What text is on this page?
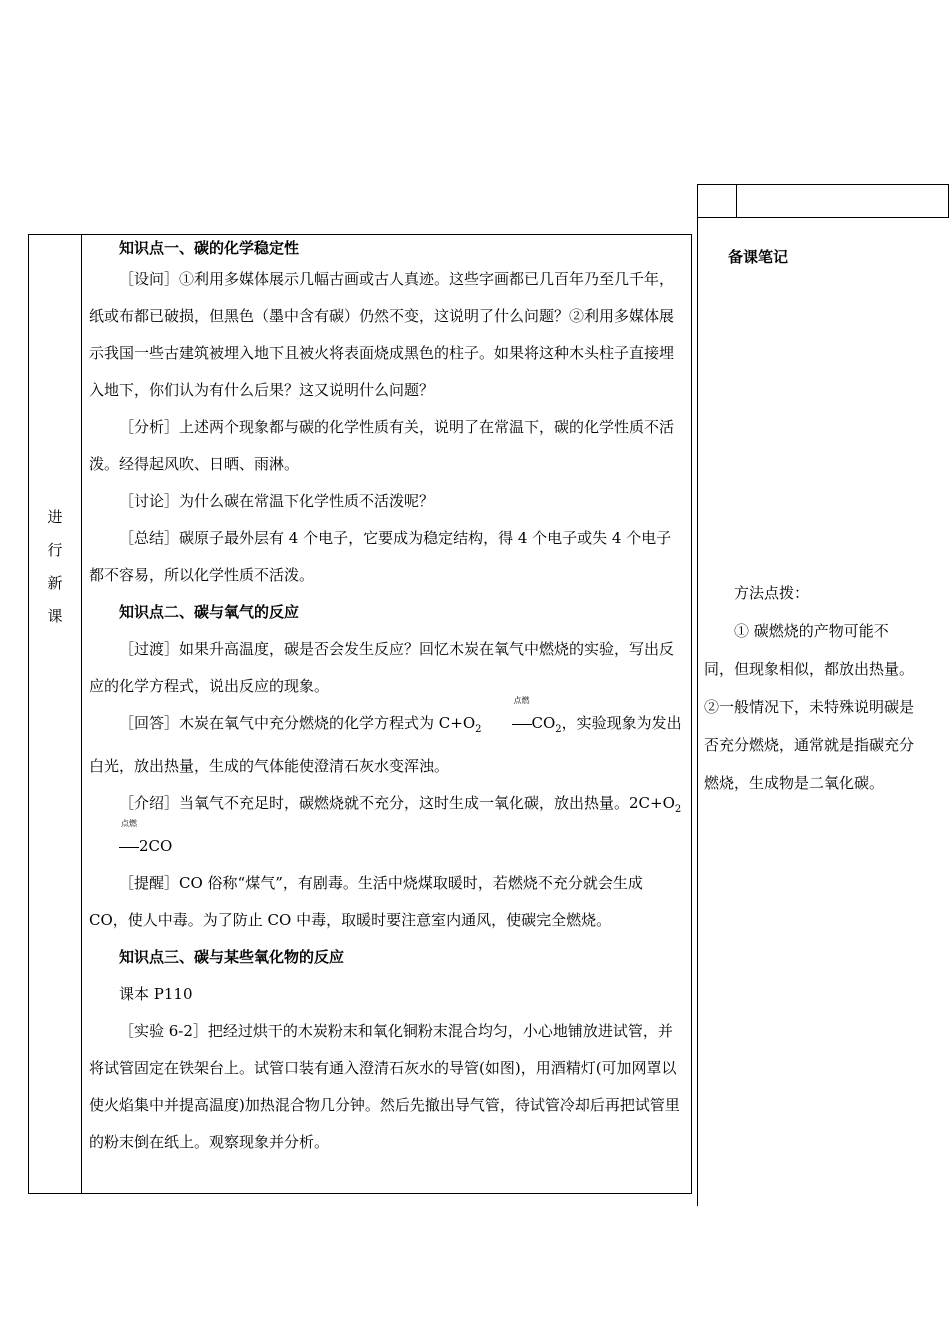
备课笔记

方法点拨：

① 碳燃烧的产物可能不同，但现象相似，都放出热量。②一般情况下，未特殊说明碳是否充分燃烧，通常就是指碳充分燃烧，生成物是二氧化碳。

进
行
新
课

知识点一、碳的化学稳定性

［设问］①利用多媒体展示几幅古画或古人真迹。这些字画都已几百年乃至几千年，纸或布都已破损，但黑色（墨中含有碳）仍然不变，这说明了什么问题？②利用多媒体展示我国一些古建筑被埋入地下且被火将表面烧成黑色的柱子。如果将这种木头柱子直接埋入地下，你们认为有什么后果？这又说明什么问题？

［分析］上述两个现象都与碳的化学性质有关，说明了在常温下，碳的化学性质不活泼。经得起风吹、日晒、雨淋。

［讨论］为什么碳在常温下化学性质不活泼呢？

［总结］碳原子最外层有 4 个电子，它要成为稳定结构，得 4 个电子或失 4 个电子都不容易，所以化学性质不活泼。

知识点二、碳与氧气的反应

［过渡］如果升高温度，碳是否会发生反应？回忆木炭在氧气中燃烧的实验，写出反应的化学方程式，说出反应的现象。

［回答］木炭在氧气中充分燃烧的化学方程式为 $C+O_2$
点燃
$CO_2$，实验现象为发出白光，放出热量，生成的气体能使澄清石灰水变浑浊。

［介绍］当氧气不充足时，碳燃烧就不充分，这时生成一氧化碳，放出热量。$2C+O_2$
点燃
2CO

［提醒］CO 俗称“煤气”，有剧毒。生活中烧煤取暖时，若燃烧不充分就会生成 CO，使人中毒。为了防止 CO 中毒，取暖时要注意室内通风，使碳完全燃烧。

知识点三、碳与某些氧化物的反应

课本 P110

［实验 6-2］把经过烘干的木炭粉末和氧化铜粉末混合均匀，小心地铺放进试管，并将试管固定在铁架台上。试管口装有通入澄清石灰水的导管(如图)，用酒精灯(可加网罩以使火焰集中并提高温度)加热混合物几分钟。然后先撤出导气管，待试管冷却后再把试管里的粉末倒在纸上。观察现象并分析。
